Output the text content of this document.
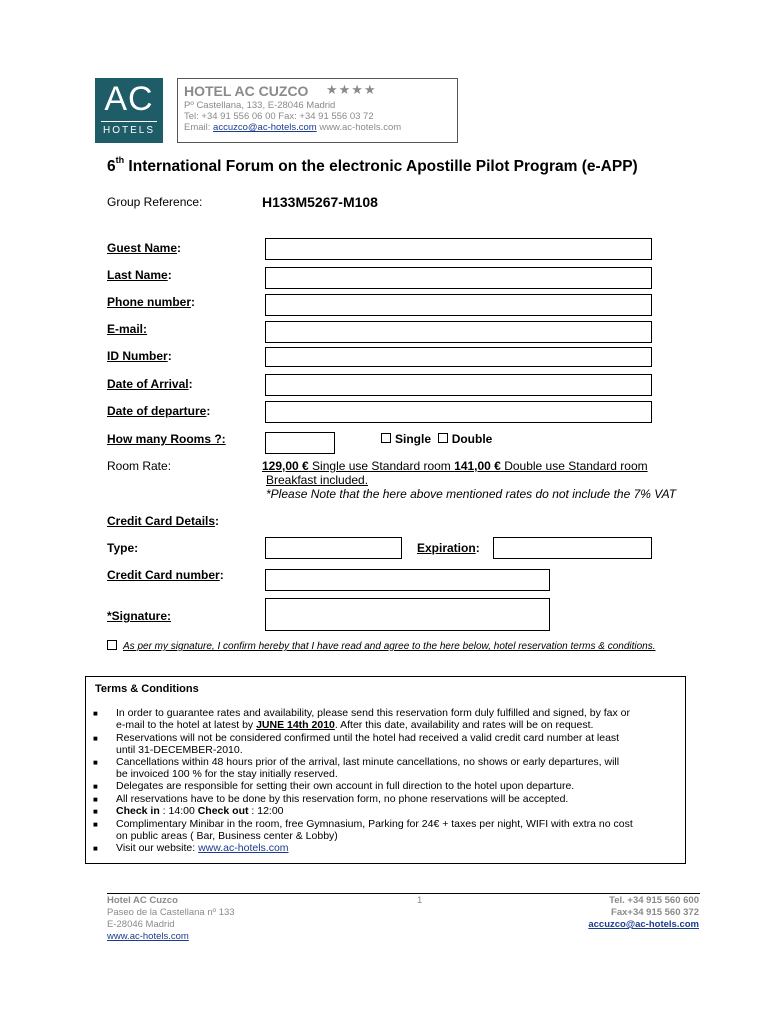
AC
HOTELS
HOTEL AC CUZCO ★★★★
Pº Castellana, 133, E-28046 Madrid
Tel: +34 91 556 06 00 Fax: +34 91 556 03 72
Email: accuzco@ac-hotels.com www.ac-hotels.com
6th International Forum on the electronic Apostille Pilot Program (e-APP)
Group Reference:	H133M5267-M108
Guest Name:
Last Name:
Phone number:
E-mail:
ID Number:
Date of Arrival:
Date of departure:
How many Rooms ?:	Single Double
Room Rate:	129,00 € Single use Standard room 141,00 € Double use Standard room
Breakfast included.
*Please Note that the here above mentioned rates do not include the 7% VAT
Credit Card Details:
Type:	Expiration:
Credit Card number:
*Signature:
As per my signature, I confirm hereby that I have read and agree to the here below, hotel reservation terms & conditions.
Terms & Conditions
■ In order to guarantee rates and availability, please send this reservation form duly fulfilled and signed, by fax or
e-mail to the hotel at latest by JUNE 14th 2010. After this date, availability and rates will be on request.
■ Reservations will not be considered confirmed until the hotel had received a valid credit card number at least
until 31-DECEMBER-2010.
■ Cancellations within 48 hours prior of the arrival, last minute cancellations, no shows or early departures, will
be invoiced 100 % for the stay initially reserved.
■ Delegates are responsible for setting their own account in full direction to the hotel upon departure.
■ All reservations have to be done by this reservation form, no phone reservations will be accepted.
■ Check in : 14:00 Check out : 12:00
■ Complimentary Minibar in the room, free Gymnasium, Parking for 24€ + taxes per night, WIFI with extra no cost
on public areas ( Bar, Business center & Lobby)
■ Visit our website: www.ac-hotels.com
Hotel AC Cuzco
Paseo de la Castellana nº 133
E-28046 Madrid
www.ac-hotels.com
1	Tel. +34 915 560 600
Fax+34 915 560 372
accuzco@ac-hotels.com
